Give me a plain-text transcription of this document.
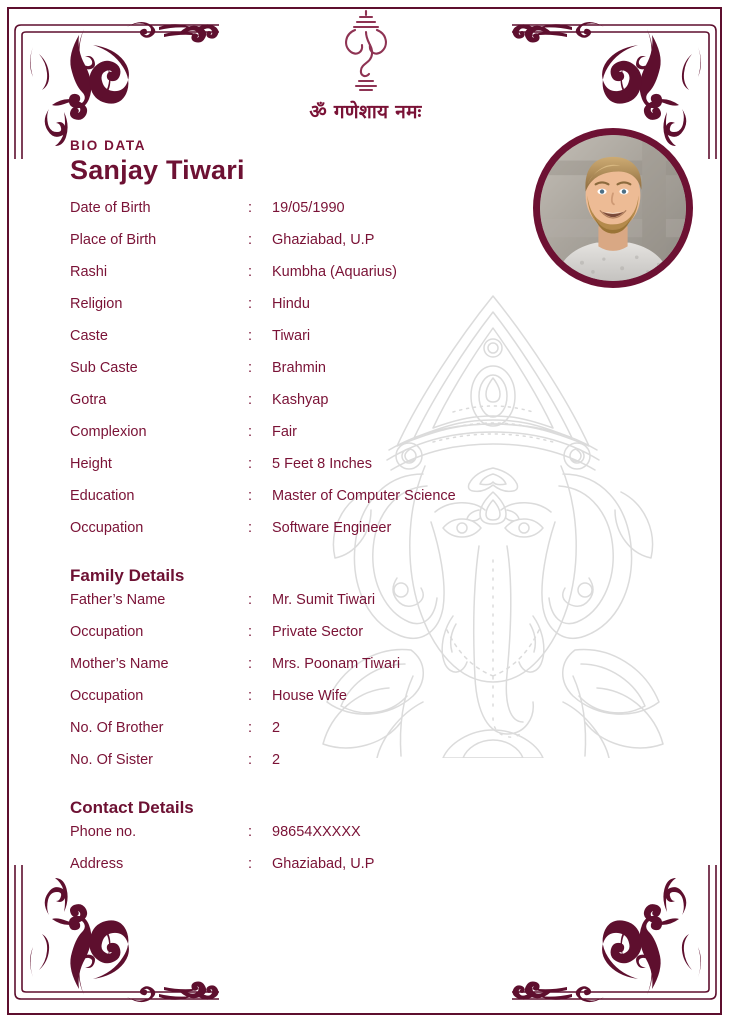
ॐ गणेशाय नमः
BIO DATA
Sanjay Tiwari
Date of Birth	:	19/05/1990
Place of Birth	:	Ghaziabad, U.P
Rashi	:	Kumbha (Aquarius)
Religion	:	Hindu
Caste	:	Tiwari
Sub Caste	:	Brahmin
Gotra	:	Kashyap
Complexion	:	Fair
Height	:	5 Feet 8 Inches
Education	:	Master of Computer Science
Occupation	:	Software Engineer
Family Details
Father’s Name	:	Mr. Sumit Tiwari
Occupation	:	Private Sector
Mother’s Name	:	Mrs. Poonam Tiwari
Occupation	:	House Wife
No. Of Brother	:	2
No. Of Sister	:	2
Contact Details
Phone no.	:	98654XXXXX
Address	:	Ghaziabad, U.P
